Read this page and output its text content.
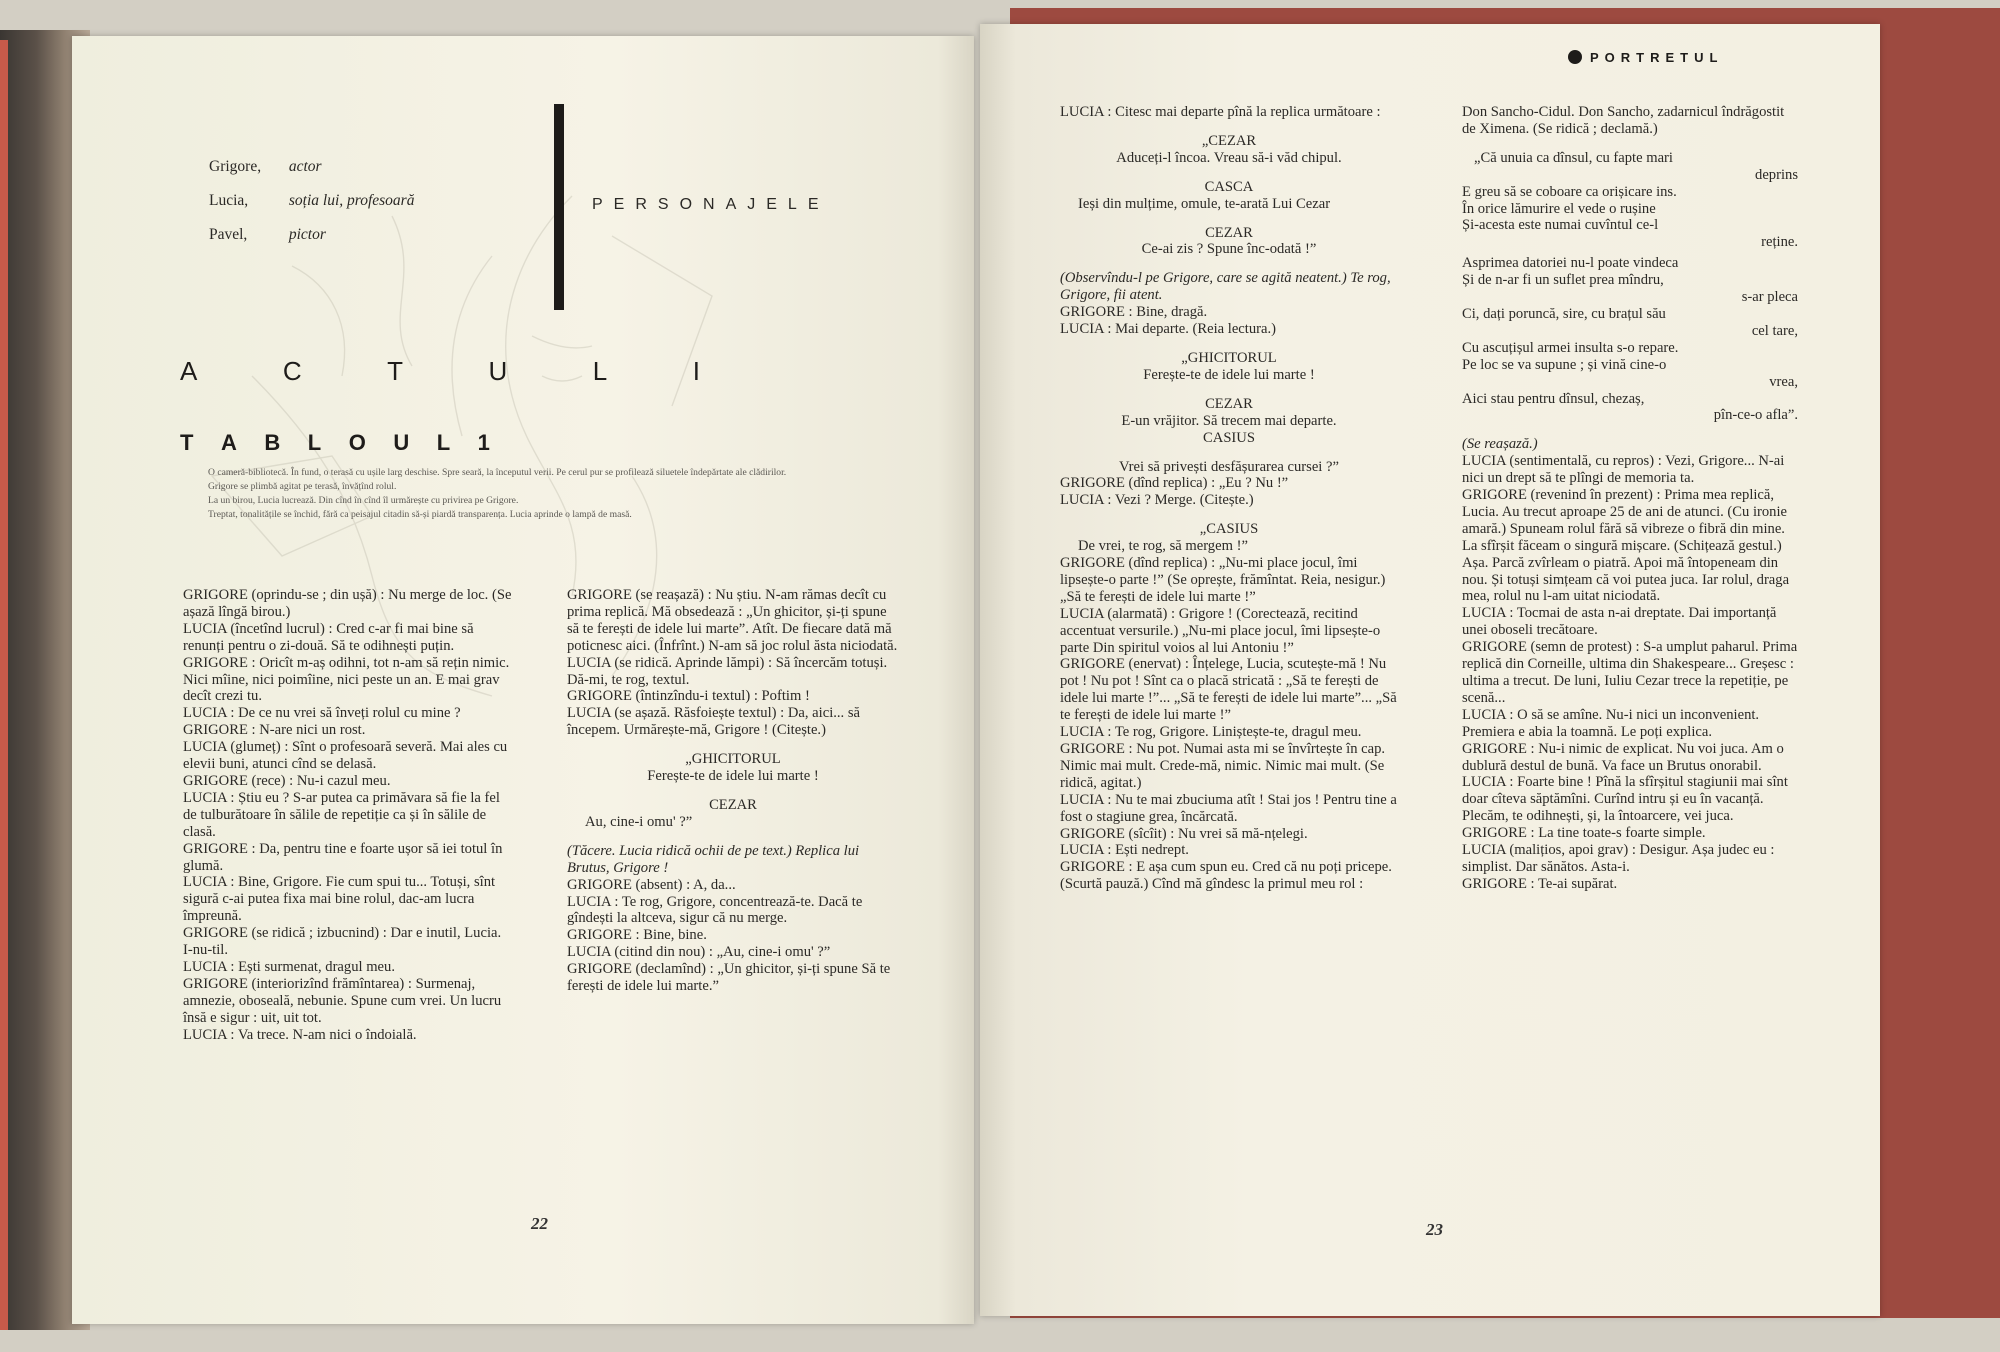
Grigore, actor
Lucia,	soția lui, profesoară
Pavel,	pictor
PERSONAJELE
A	C	T	U	L	I
T A B L O U L 1

O cameră-bibliotecă. În fund, o terasă cu ușile larg deschise. Spre seară, la începutul verii. Pe cerul pur se profilează siluetele îndepărtate ale clădirilor.

Grigore se plimbă agitat pe terasă, învățînd rolul.

La un birou, Lucia lucrează. Din cînd în cînd îl urmărește cu privirea pe Grigore.

Treptat, tonalitățile se închid, fără ca peisajul citadin să-și piardă transparența. Lucia aprinde o lampă de masă.

GRIGORE (oprindu-se ; din ușă) : Nu merge de loc. (Se așază lîngă birou.)

LUCIA (încetînd lucrul) : Cred c-ar fi mai bine să renunți pentru o zi-două. Să te odihnești puțin.

GRIGORE : Oricît m-aș odihni, tot n-am să rețin nimic. Nici mîine, nici poimîine, nici peste un an. E mai grav decît crezi tu.

LUCIA : De ce nu vrei să înveți rolul cu mine ?

GRIGORE : N-are nici un rost.

LUCIA (glumeț) : Sînt o profesoară severă. Mai ales cu elevii buni, atunci cînd se delasă.

GRIGORE (rece) : Nu-i cazul meu.

LUCIA : Știu eu ? S-ar putea ca primăvara să fie la fel de tulburătoare în sălile de repetiție ca și în sălile de clasă.

GRIGORE : Da, pentru tine e foarte ușor să iei totul în glumă.

LUCIA : Bine, Grigore. Fie cum spui tu... Totuși, sînt sigură c-ai putea fixa mai bine rolul, dac-am lucra împreună.

GRIGORE (se ridică ; izbucnind) : Dar e inutil, Lucia. I-nu-til.

LUCIA : Ești surmenat, dragul meu.

GRIGORE (interiorizînd frămîntarea) : Surmenaj, amnezie, oboseală, nebunie. Spune cum vrei. Un lucru însă e sigur : uit, uit tot.

LUCIA : Va trece. N-am nici o îndoială.

GRIGORE (se reașază) : Nu știu. N-am rămas decît cu prima replică. Mă obsedează : „Un ghicitor, și-ți spune să te ferești de idele lui marte”. Atît. De fiecare dată mă poticnesc aici. (Înfrînt.) N-am să joc rolul ăsta niciodată.

LUCIA (se ridică. Aprinde lămpi) : Să încercăm totuși. Dă-mi, te rog, textul.

GRIGORE (întinzîndu-i textul) : Poftim !

LUCIA (se așază. Răsfoiește textul) : Da, aici... să începem. Urmărește-mă, Grigore ! (Citește.)

„GHICITORUL

Ferește-te de idele lui marte !

CEZAR

Au, cine-i omu' ?”

(Tăcere. Lucia ridică ochii de pe text.) Replica lui Brutus, Grigore !

GRIGORE (absent) : A, da...

LUCIA : Te rog, Grigore, concentrează-te. Dacă te gîndești la altceva, sigur că nu merge.

GRIGORE : Bine, bine.

LUCIA (citind din nou) : „Au, cine-i omu' ?”

GRIGORE (declamînd) : „Un ghicitor, și-ți spune Să te ferești de idele lui marte.”

22
PORTRETUL

LUCIA : Citesc mai departe pînă la replica următoare :

„CEZAR

Aduceți-l încoa. Vreau să-i văd chipul.

CASCA

Ieși din mulțime, omule, te-arată Lui Cezar

CEZAR

Ce-ai zis ? Spune înc-odată !”

(Observîndu-l pe Grigore, care se agită neatent.) Te rog, Grigore, fii atent.

GRIGORE : Bine, dragă.

LUCIA : Mai departe. (Reia lectura.)

„GHICITORUL

Ferește-te de idele lui marte !

CEZAR

E-un vrăjitor. Să trecem mai departe.

CASIUS

Vrei să privești desfășurarea cursei ?”

GRIGORE (dînd replica) : „Eu ? Nu !”

LUCIA : Vezi ? Merge. (Citește.)

„CASIUS

De vrei, te rog, să mergem !”

GRIGORE (dînd replica) : „Nu-mi place jocul, îmi lipsește-o parte !” (Se oprește, frămîntat. Reia, nesigur.) „Să te ferești de idele lui marte !”

LUCIA (alarmată) : Grigore ! (Corectează, recitind accentuat versurile.) „Nu-mi place jocul, îmi lipsește-o parte Din spiritul voios al lui Antoniu !”

GRIGORE (enervat) : Înțelege, Lucia, scutește-mă ! Nu pot ! Nu pot ! Sînt ca o placă stricată : „Să te ferești de idele lui marte !”... „Să te ferești de idele lui marte”... „Să te ferești de idele lui marte !”

LUCIA : Te rog, Grigore. Liniștește-te, dragul meu.

GRIGORE : Nu pot. Numai asta mi se învîrtește în cap. Nimic mai mult. Crede-mă, nimic. Nimic mai mult. (Se ridică, agitat.)

LUCIA : Nu te mai zbuciuma atît ! Stai jos ! Pentru tine a fost o stagiune grea, încărcată.

GRIGORE (sîcîit) : Nu vrei să mă-nțelegi.

LUCIA : Ești nedrept.

GRIGORE : E așa cum spun eu. Cred că nu poți pricepe. (Scurtă pauză.) Cînd mă gîndesc la primul meu rol :

Don Sancho-Cidul. Don Sancho, zadarnicul îndrăgostit de Ximena. (Se ridică ; declamă.)

„Că unuia ca dînsul, cu fapte mari

deprins

E greu să se coboare ca orișicare ins.

În orice lămurire el vede o rușine

Și-acesta este numai cuvîntul ce-l

reține.

Asprimea datoriei nu-l poate vindeca

Și de n-ar fi un suflet prea mîndru,

s-ar pleca

Ci, dați poruncă, sire, cu brațul său

cel tare,

Cu ascuțișul armei insulta s-o repare.

Pe loc se va supune ; și vină cine-o

vrea,

Aici stau pentru dînsul, chezaș,

pîn-ce-o afla”.

(Se reașază.)

LUCIA (sentimentală, cu repros) : Vezi, Grigore... N-ai nici un drept să te plîngi de memoria ta.

GRIGORE (revenind în prezent) : Prima mea replică, Lucia. Au trecut aproape 25 de ani de atunci. (Cu ironie amară.) Spuneam rolul fără să vibreze o fibră din mine. La sfîrșit făceam o singură mișcare. (Schițează gestul.) Așa. Parcă zvîrleam o piatră. Apoi mă întopeneam din nou. Și totuși simțeam că voi putea juca. Iar rolul, draga mea, rolul nu l-am uitat niciodată.

LUCIA : Tocmai de asta n-ai dreptate. Dai importanță unei oboseli trecătoare.

GRIGORE (semn de protest) : S-a umplut paharul. Prima replică din Corneille, ultima din Shakespeare... Greșesc : ultima a trecut. De luni, Iuliu Cezar trece la repetiție, pe scenă...

LUCIA : O să se amîne. Nu-i nici un inconvenient. Premiera e abia la toamnă. Le poți explica.

GRIGORE : Nu-i nimic de explicat. Nu voi juca. Am o dublură destul de bună. Va face un Brutus onorabil.

LUCIA : Foarte bine ! Pînă la sfîrșitul stagiunii mai sînt doar cîteva săptămîni. Curînd intru și eu în vacanță. Plecăm, te odihnești, și, la întoarcere, vei juca.

GRIGORE : La tine toate-s foarte simple.

LUCIA (malițios, apoi grav) : Desigur. Așa judec eu : simplist. Dar sănătos. Asta-i.

GRIGORE : Te-ai supărat.

23
